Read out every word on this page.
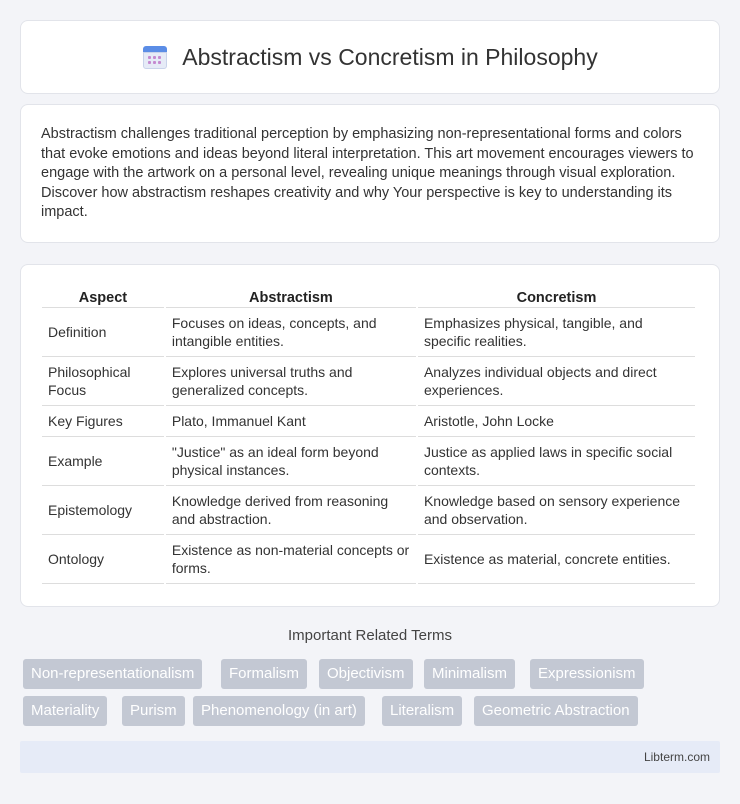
Abstractism vs Concretism in Philosophy

Abstractism challenges traditional perception by emphasizing non-representational forms and colors that evoke emotions and ideas beyond literal interpretation. This art movement encourages viewers to engage with the artwork on a personal level, revealing unique meanings through visual exploration. Discover how abstractism reshapes creativity and why Your perspective is key to understanding its impact.

Aspect	Abstractism	Concretism
Definition	Focuses on ideas, concepts, and intangible entities.	Emphasizes physical, tangible, and specific realities.
Philosophical Focus	Explores universal truths and generalized concepts.	Analyzes individual objects and direct experiences.
Key Figures	Plato, Immanuel Kant	Aristotle, John Locke
Example	"Justice" as an ideal form beyond physical instances.	Justice as applied laws in specific social contexts.
Epistemology	Knowledge derived from reasoning and abstraction.	Knowledge based on sensory experience and observation.
Ontology	Existence as non-material concepts or forms.	Existence as material, concrete entities.
Important Related Terms
Non-representationalism	Formalism	Objectivism	Minimalism	Expressionism
Materiality	Purism	Phenomenology (in art)	Literalism	Geometric Abstraction
Libterm.com
